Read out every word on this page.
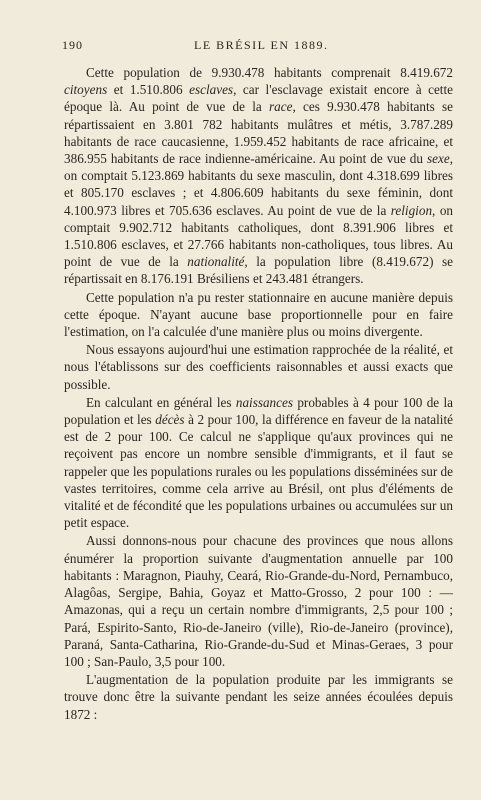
190	LE BRÉSIL EN 1889.

Cette population de 9.930.478 habitants comprenait 8.419.672 citoyens et 1.510.806 esclaves, car l'esclavage existait encore à cette époque là. Au point de vue de la race, ces 9.930.478 habitants se répartissaient en 3.801 782 habitants mulâtres et métis, 3.787.289 habitants de race caucasienne, 1.959.452 habitants de race africaine, et 386.955 habitants de race indienne-américaine. Au point de vue du sexe, on comptait 5.123.869 habitants du sexe masculin, dont 4.318.699 libres et 805.170 esclaves ; et 4.806.609 habitants du sexe féminin, dont 4.100.973 libres et 705.636 esclaves. Au point de vue de la religion, on comptait 9.902.712 habitants catholiques, dont 8.391.906 libres et 1.510.806 esclaves, et 27.766 habitants non-catholiques, tous libres. Au point de vue de la nationalité, la population libre (8.419.672) se répartissait en 8.176.191 Brésiliens et 243.481 étrangers.

Cette population n'a pu rester stationnaire en aucune manière depuis cette époque. N'ayant aucune base proportionnelle pour en faire l'estimation, on l'a calculée d'une manière plus ou moins divergente.

Nous essayons aujourd'hui une estimation rapprochée de la réalité, et nous l'établissons sur des coefficients raisonnables et aussi exacts que possible.

En calculant en général les naissances probables à 4 pour 100 de la population et les décès à 2 pour 100, la différence en faveur de la natalité est de 2 pour 100. Ce calcul ne s'applique qu'aux provinces qui ne reçoivent pas encore un nombre sensible d'immigrants, et il faut se rappeler que les populations rurales ou les populations disséminées sur de vastes territoires, comme cela arrive au Brésil, ont plus d'éléments de vitalité et de fécondité que les populations urbaines ou accumulées sur un petit espace.

Aussi donnons-nous pour chacune des provinces que nous allons énumérer la proportion suivante d'augmentation annuelle par 100 habitants : Maragnon, Piauhy, Ceará, Rio-Grande-du-Nord, Pernambuco, Alagôas, Sergipe, Bahia, Goyaz et Matto-Grosso, 2 pour 100 : — Amazonas, qui a reçu un certain nombre d'immigrants, 2,5 pour 100 ; Pará, Espirito-Santo, Rio-de-Janeiro (ville), Rio-de-Janeiro (province), Paraná, Santa-Catharina, Rio-Grande-du-Sud et Minas-Geraes, 3 pour 100 ; San-Paulo, 3,5 pour 100.

L'augmentation de la population produite par les immigrants se trouve donc être la suivante pendant les seize années écoulées depuis 1872 :
